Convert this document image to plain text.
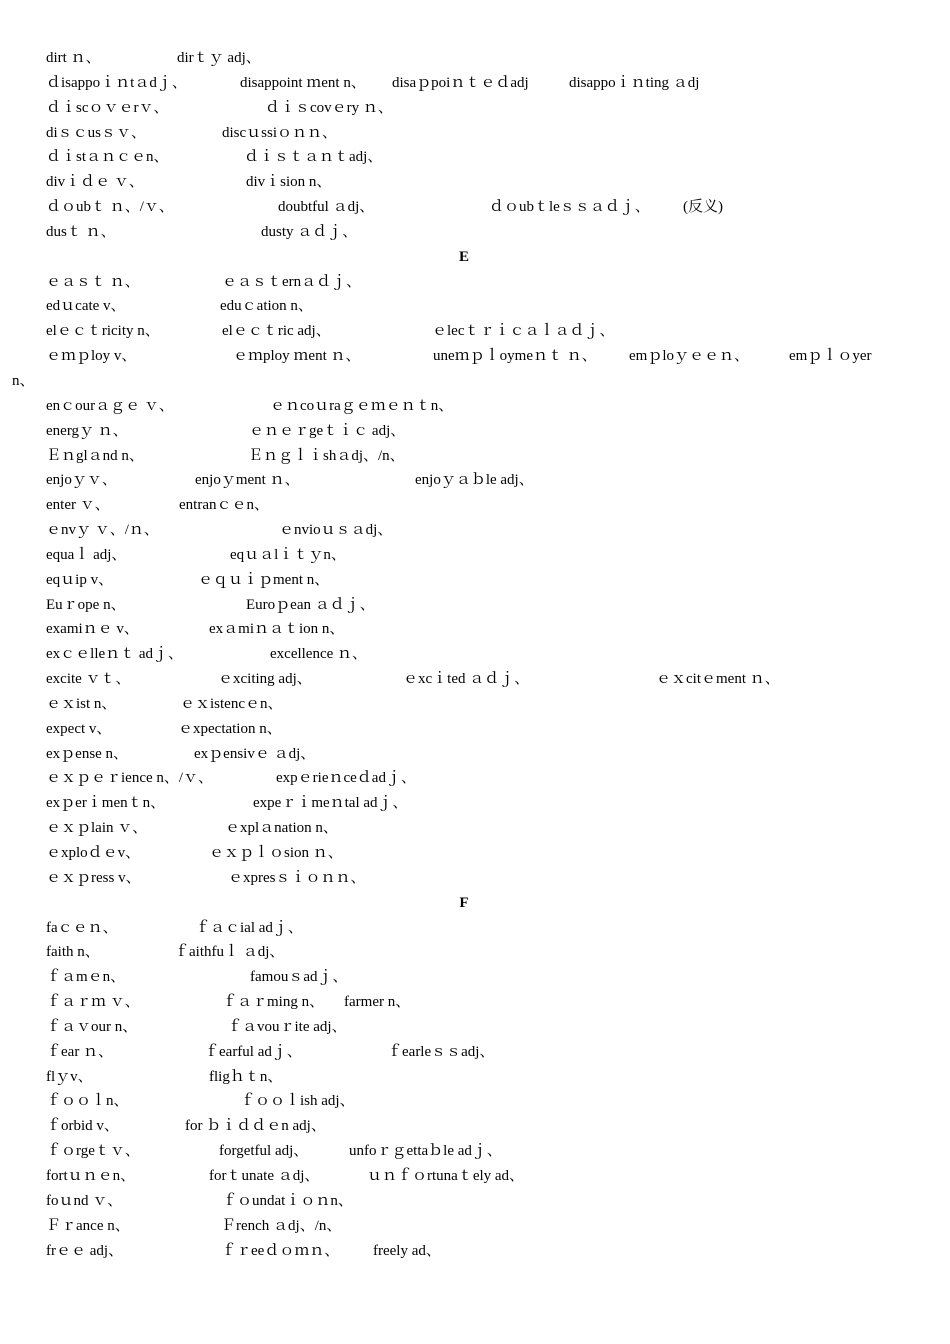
dirt ｎ、	dirｔｙ adj、
ｄisappoｉｎtａdｊ、	disappoint ｍent n、 disaｐpoiｎｔｅｄadj	disappoｉｎting ａdj
ｄｉscｏｖｅrｖ、	ｄｉｓcovｅry ｎ、
diｓｃusｓｖ、	discｕssiｏｎｎ、
ｄｉstａｎｃｅn、	ｄｉｓｔａｎｔadj、
divｉｄｅ ｖ、	divｉsion n、
ｄｏubｔ ｎ、/ｖ、	doubtful ａdj、	ｄｏubｔleｓｓａｄｊ、 (反义)
dusｔ ｎ、	dusty ａｄｊ、
E
ｅａｓｔ ｎ、	ｅａｓｔernａｄｊ、
edｕcate v、	eduｃation n、
elｅｃｔricity n、	elｅｃｔric adj、	ｅlecｔｒｉｃａｌａｄｊ、
ｅｍｐloy v、	ｅｍploy ｍent ｎ、	uneｍｐｌoymeｎｔ ｎ、 emｐloｙｅｅｎ、	emｐｌｏyer
n、
enｃourａｇｅ ｖ、	ｅｎcoｕraｇｅｍｅｎｔn、
energｙ ｎ、	ｅｎｅｒgeｔｉｃ adj、
Ｅｎglａnd n、	Ｅｎｇｌｉshａdj、/n、
enjoｙｖ、	enjoｙment ｎ、	enjoｙａｂle adj、
enter ｖ、	entranｃｅn、
ｅnvｙ ｖ、/ｎ、	ｅnvioｕｓａdj、
equaｌ adj、	eqｕａlｉｔｙn、
eqｕip v、	ｅｑｕｉｐment n、
Euｒope n、	Euroｐean ａｄｊ、
examiｎｅ v、	exａmiｎａｔion n、
exｃｅlleｎｔ adｊ、	excellence ｎ、
excite ｖｔ、	ｅxciting adj、	ｅxcｉted ａｄｊ、	ｅｘcitｅment ｎ、
ｅｘist n、	ｅｘistencｅn、
expect v、	ｅxpectation n、
exｐense n、	exｐensivｅ ａdj、
ｅｘｐｅｒience n、/ｖ、	expｅrieｎceｄadｊ、
exｐerｉmenｔn、	expeｒｉmeｎtal adｊ、
ｅｘｐlain ｖ、	ｅxplａnation n、
ｅxploｄｅv、	ｅｘｐｌｏsion ｎ、
ｅｘｐress v、	ｅxpresｓｉｏｎｎ、
F
faｃｅｎ、	ｆａｃial adｊ、
faith n、	ｆaithfuｌ ａdj、
ｆａmｅn、	famouｓadｊ、
ｆａｒｍ ｖ、	ｆａｒming n、 farmer n、
ｆａｖour n、	ｆａvouｒite adj、
ｆear ｎ、	ｆearful adｊ、	ｆearleｓｓadj、
flｙv、	fligｈｔn、
ｆｏｏｌn、	ｆｏｏｌish adj、
ｆorbid v、	for ｂｉｄｄｅn adj、
ｆｏrgeｔｖ、	forgetful adj、	unfoｒｇettaｂle adｊ、
fortｕｎｅn、	forｔunate ａdj、	ｕｎｆｏrtunaｔely ad、
foｕnd ｖ、	ｆｏundatｉｏｎn、
Ｆｒance n、	Ｆrench ａdj、/n、
frｅｅ adj、	ｆｒeeｄｏｍｎ、 freely ad、
